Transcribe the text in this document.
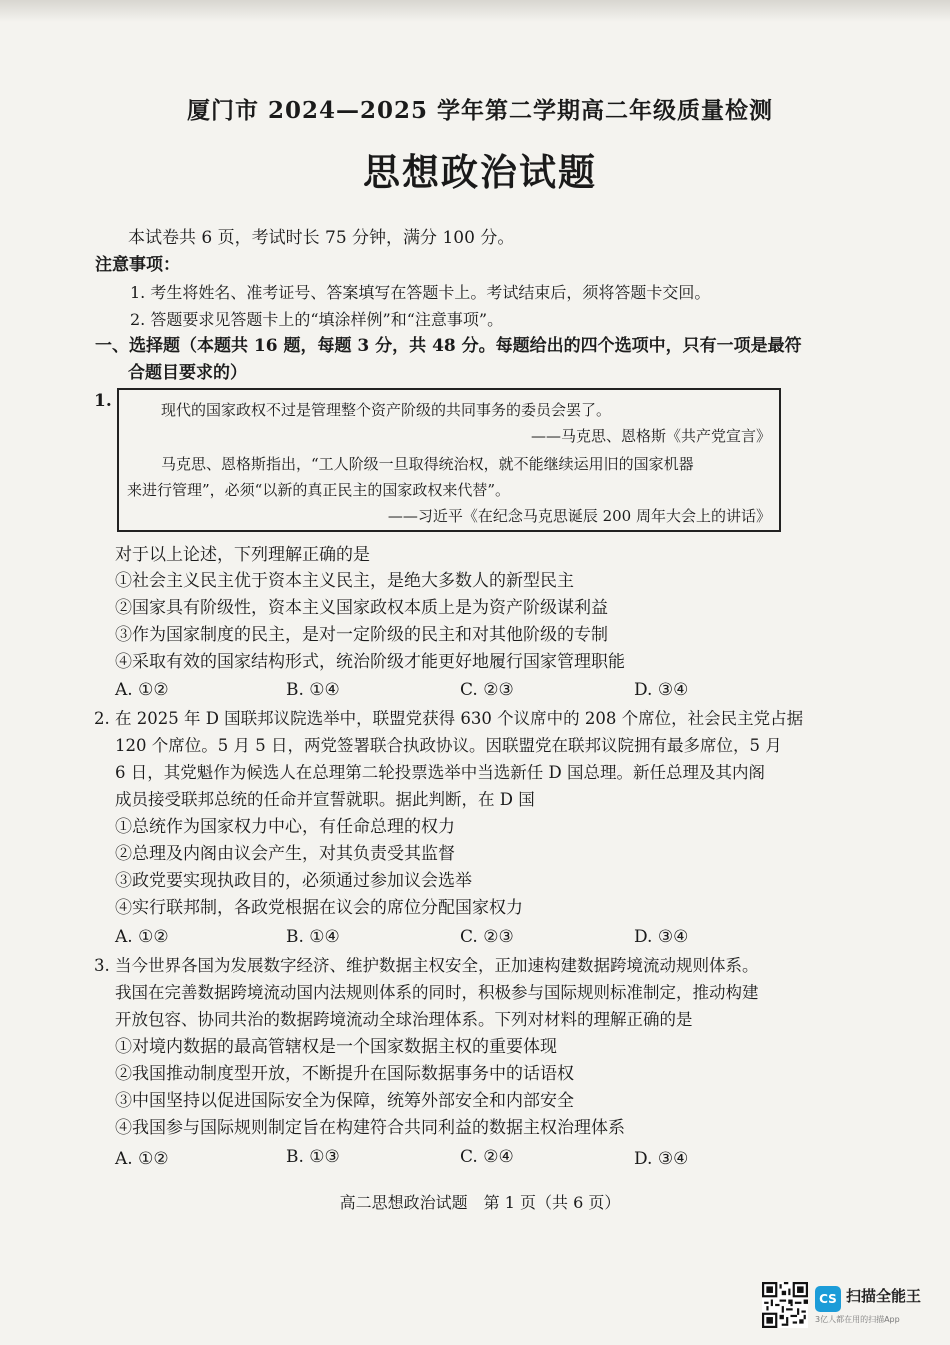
厦门市 2024—2025 学年第二学期高二年级质量检测
思想政治试题
本试卷共 6 页，考试时长 75 分钟，满分 100 分。
注意事项：
1. 考生将姓名、准考证号、答案填写在答题卡上。考试结束后，须将答题卡交回。
2. 答题要求见答题卡上的“填涂样例”和“注意事项”。
一、选择题（本题共 16 题，每题 3 分，共 48 分。每题给出的四个选项中，只有一项是最符
合题目要求的）
1.	现代的国家政权不过是管理整个资产阶级的共同事务的委员会罢了。
——马克思、恩格斯《共产党宣言》
马克思、恩格斯指出，“工人阶级一旦取得统治权，就不能继续运用旧的国家机器
来进行管理”，必须“以新的真正民主的国家政权来代替”。
——习近平《在纪念马克思诞辰 200 周年大会上的讲话》
对于以上论述，下列理解正确的是
①社会主义民主优于资本主义民主，是绝大多数人的新型民主
②国家具有阶级性，资本主义国家政权本质上是为资产阶级谋利益
③作为国家制度的民主，是对一定阶级的民主和对其他阶级的专制
④采取有效的国家结构形式，统治阶级才能更好地履行国家管理职能
A. ①②	B. ①④	C. ②③	D. ③④
2. 在 2025 年 D 国联邦议院选举中，联盟党获得 630 个议席中的 208 个席位，社会民主党占据
120 个席位。5 月 5 日，两党签署联合执政协议。因联盟党在联邦议院拥有最多席位，5 月
6 日，其党魁作为候选人在总理第二轮投票选举中当选新任 D 国总理。新任总理及其内阁
成员接受联邦总统的任命并宣誓就职。据此判断，在 D 国
①总统作为国家权力中心，有任命总理的权力
②总理及内阁由议会产生，对其负责受其监督
③政党要实现执政目的，必须通过参加议会选举
④实行联邦制，各政党根据在议会的席位分配国家权力
A. ①②	B. ①④	C. ②③	D. ③④
3. 当今世界各国为发展数字经济、维护数据主权安全，正加速构建数据跨境流动规则体系。
我国在完善数据跨境流动国内法规则体系的同时，积极参与国际规则标准制定，推动构建
开放包容、协同共治的数据跨境流动全球治理体系。下列对材料的理解正确的是
①对境内数据的最高管辖权是一个国家数据主权的重要体现
②我国推动制度型开放，不断提升在国际数据事务中的话语权
③中国坚持以促进国际安全为保障，统筹外部安全和内部安全
④我国参与国际规则制定旨在构建符合共同利益的数据主权治理体系
A. ①②	B. ①③	C. ②④	D. ③④
高二思想政治试题　第 1 页（共 6 页）
CS 扫描全能王
3亿人都在用的扫描App
